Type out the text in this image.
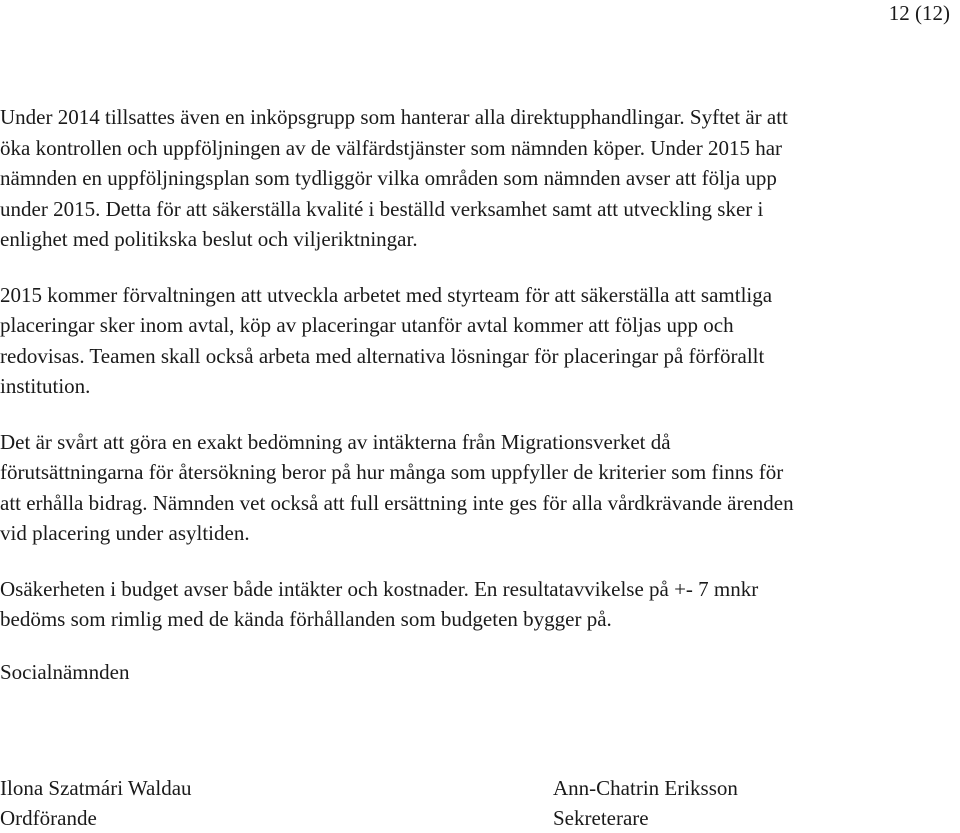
12 (12)

Under 2014 tillsattes även en inköpsgrupp som hanterar alla direktupphandlingar. Syftet är att
öka kontrollen och uppföljningen av de välfärdstjänster som nämnden köper. Under 2015 har
nämnden en uppföljningsplan som tydliggör vilka områden som nämnden avser att följa upp
under 2015. Detta för att säkerställa kvalité i beställd verksamhet samt att utveckling sker i
enlighet med politikska beslut och viljeriktningar.

2015 kommer förvaltningen att utveckla arbetet med styrteam för att säkerställa att samtliga
placeringar sker inom avtal, köp av placeringar utanför avtal kommer att följas upp och
redovisas. Teamen skall också arbeta med alternativa lösningar för placeringar på förförallt
institution.

Det är svårt att göra en exakt bedömning av intäkterna från Migrationsverket då
förutsättningarna för återsökning beror på hur många som uppfyller de kriterier som finns för
att erhålla bidrag. Nämnden vet också att full ersättning inte ges för alla vårdkrävande ärenden
vid placering under asyltiden.

Osäkerheten i budget avser både intäkter och kostnader. En resultatavvikelse på +- 7 mnkr
bedöms som rimlig med de kända förhållanden som budgeten bygger på.

Socialnämnden
Ilona Szatmári Waldau
Ordförande
Ann-Chatrin Eriksson
Sekreterare
